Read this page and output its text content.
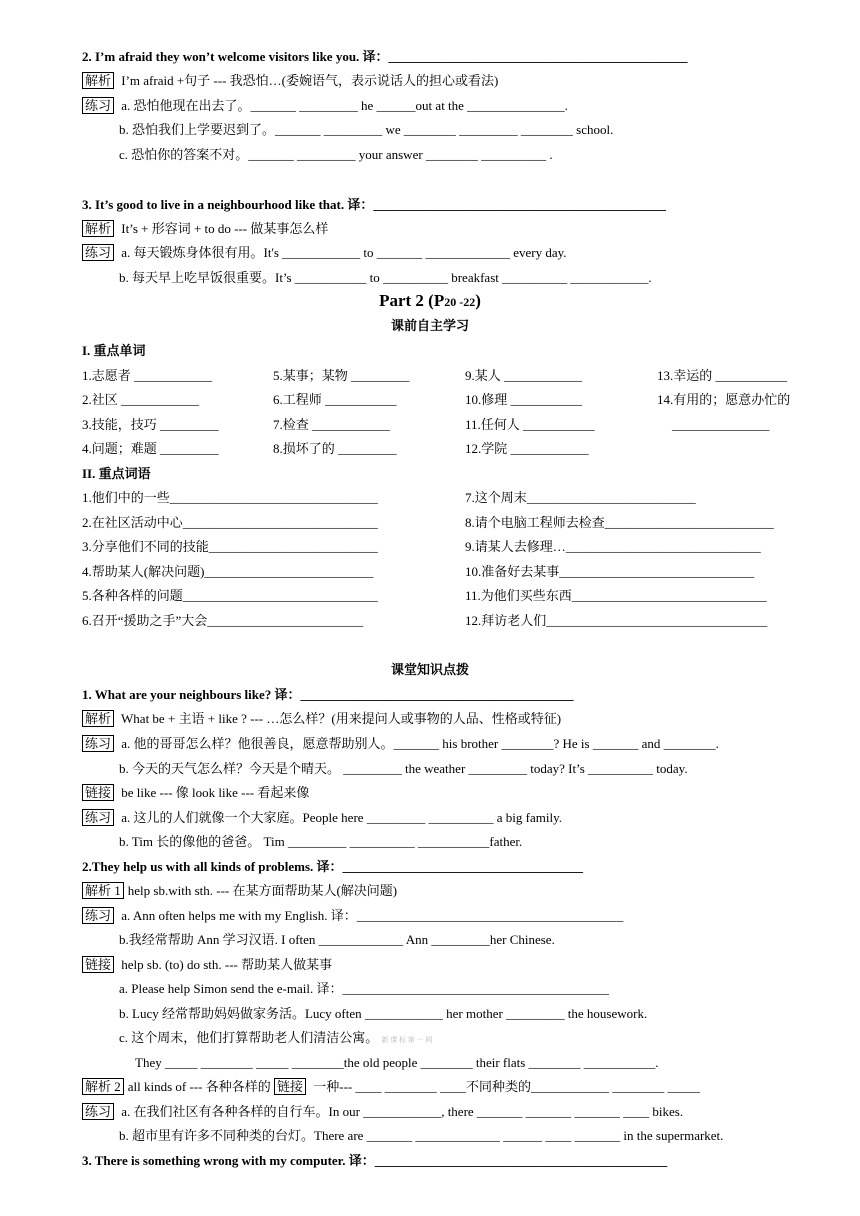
2. I’m afraid they won’t welcome visitors like you. 译：______________________________________________
解析 I’m afraid +句子 --- 我恐怕…(委婉语气，表示说话人的担心或看法)
练习 a. 恐怕他现在出去了。_______ _________ he ______out at the _______________.
b. 恐怕我们上学要迟到了。_______ _________ we ________ _________ ________ school.
c. 恐怕你的答案不对。_______ _________ your answer ________ __________ .
3. It’s good to live in a neighbourhood like that. 译：_____________________________________________
解析 It’s + 形容词 + to do --- 做某事怎么样
练习 a. 每天锻炼身体很有用。It's ____________ to _______ _____________ every day.
b. 每天早上吃早饭很重要。It’s ___________ to __________ breakfast __________ ____________.
Part 2 (P20 -22)
课前自主学习
I. 重点单词
1.志愿者 ____________
2.社区 ____________
3.技能，技巧 _________
4.问题；难题 _________
5.某事；某物 _________
6.工程师 ___________
7.检查 ____________
8.损坏了的 _________
9.某人 ____________
10.修理 ___________
11.任何人 ___________
12.学院 ____________
13.幸运的 ___________
14.有用的；愿意办忙的
_______________
II. 重点词语
1.他们中的一些________________________________
2.在社区活动中心______________________________
3.分享他们不同的技能__________________________
4.帮助某人(解决问题)__________________________
5.各种各样的问题______________________________
6.召开“援助之手”大会________________________
7.这个周末__________________________
8.请个电脑工程师去检查__________________________
9.请某人去修理…______________________________
10.准备好去某事______________________________
11.为他们买些东西______________________________
12.拜访老人们__________________________________
课堂知识点拨
1. What are your neighbours like? 译：__________________________________________
解析 What be + 主语 + like ? --- …怎么样？(用来提问人或事物的人品、性格或特征)
练习 a. 他的哥哥怎么样？他很善良，愿意帮助别人。_______ his brother ________? He is _______ and ________.
b. 今天的天气怎么样？今天是个晴天。 _________ the weather _________ today? It’s __________ today.
链接 be like --- 像 look like --- 看起来像
练习 a. 这儿的人们就像一个大家庭。People here _________ __________ a big family.
b. Tim 长的像他的爸爸。 Tim _________ __________ ___________father.
2.They help us with all kinds of problems. 译：_____________________________________
解析 1 help sb.with sth. --- 在某方面帮助某人(解决问题)
练习 a. Ann often helps me with my English. 译：_________________________________________
b.我经常帮助 Ann 学习汉语. I often _____________ Ann _________her Chinese.
链接 help sb. (to) do sth. --- 帮助某人做某事
a. Please help Simon send the e-mail. 译：_________________________________________
b. Lucy 经常帮助妈妈做家务活。Lucy often ____________ her mother _________ the housework.
c. 这个周末，他们打算帮助老人们清洁公寓。 新 课 标 第 一 网
They _____ ________ _____ ________the old people ________ their flats ________ ___________.
解析 2 all kinds of --- 各种各样的 链接 一种--- ____ ________ ____不同种类的____________ ________ _____
练习 a. 在我们社区有各种各样的自行车。In our ____________, there _______ _______ _______ ____ bikes.
b. 超市里有许多不同种类的台灯。There are _______ _____________ ______ ____ _______ in the supermarket.
3. There is something wrong with my computer. 译：_____________________________________________
